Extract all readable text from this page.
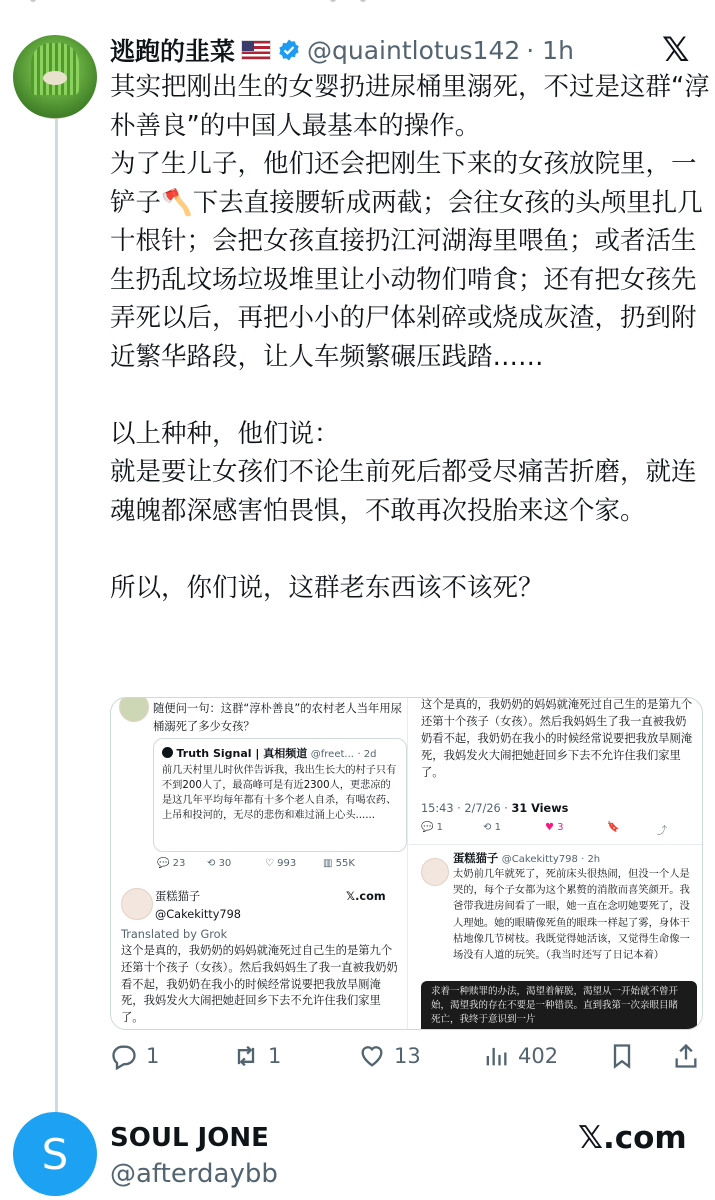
逃跑的韭菜	@quaintlotus142 · 1h	𝕏
其实把刚出生的女婴扔进尿桶里溺死，不过是这群“淳朴善良”的中国人最基本的操作。
为了生儿子，他们还会把刚生下来的女孩放院里，一铲子🪓下去直接腰斩成两截；会往女孩的头颅里扎几十根针；会把女孩直接扔江河湖海里喂鱼；或者活生生扔乱坟场垃圾堆里让小动物们啃食；还有把女孩先弄死以后，再把小小的尸体剁碎或烧成灰渣，扔到附近繁华路段，让人车频繁碾压践踏……

以上种种，他们说：
就是要让女孩们不论生前死后都受尽痛苦折磨，就连魂魄都深感害怕畏惧，不敢再次投胎来这个家。

所以，你们说，这群老东西该不该死？
随便问一句：这群“淳朴善良”的农村老人当年用尿桶溺死了多少女孩？
Truth Signal | 真相频道 @freet... · 2d
前几天村里儿时伙伴告诉我，我出生长大的村子只有不到200人了，最高峰可是有近2300人，更悲凉的是这几年平均每年都有十多个老人自杀，有喝农药、上吊和投河的，无尽的悲伤和难过涌上心头......
💬 23	⟲ 30	♡ 993	▥ 55K
蛋糕猫子
@Cakekitty798
𝕏.com
Translated by Grok
这个是真的，我奶奶的妈妈就淹死过自己生的是第九个还第十个孩子（女孩）。然后我妈妈生了我一直被我奶奶看不起，我奶奶在我小的时候经常说要把我放旱厕淹死，我妈发火大闹把她赶回乡下去不允许住我们家里了。
这个是真的，我奶奶的妈妈就淹死过自己生的是第九个还第十个孩子（女孩）。然后我妈妈生了我一直被我奶奶看不起，我奶奶在我小的时候经常说要把我放旱厕淹死，我妈发火大闹把她赶回乡下去不允许住我们家里了。
15:43 · 2/7/26 · 31 Views
💬 1	⟲ 1	♥ 3	🔖	⤴
蛋糕猫子 @Cakekitty798 · 2h
太奶前几年就死了，死前床头很热闹，但没一个人是哭的，每个子女都为这个累赘的消散而喜笑颜开。我爸带我进房间看了一眼，她一直在念叨她要死了，没人理她。她的眼睛像死鱼的眼珠一样起了雾，身体干枯地像几节树枝。我既觉得她活该，又觉得生命像一场没有人道的玩笑。（我当时还写了日记本着）
求着一种赎罪的办法，渴望着解脱，渴望从一开始就不曾开始，渴望我的存在不要是一种错误。直到我第一次亲眼目睹死亡，我终于意识到一片
1	1	13	402
S	SOUL JONE
@afterdaybb
𝕏.com
